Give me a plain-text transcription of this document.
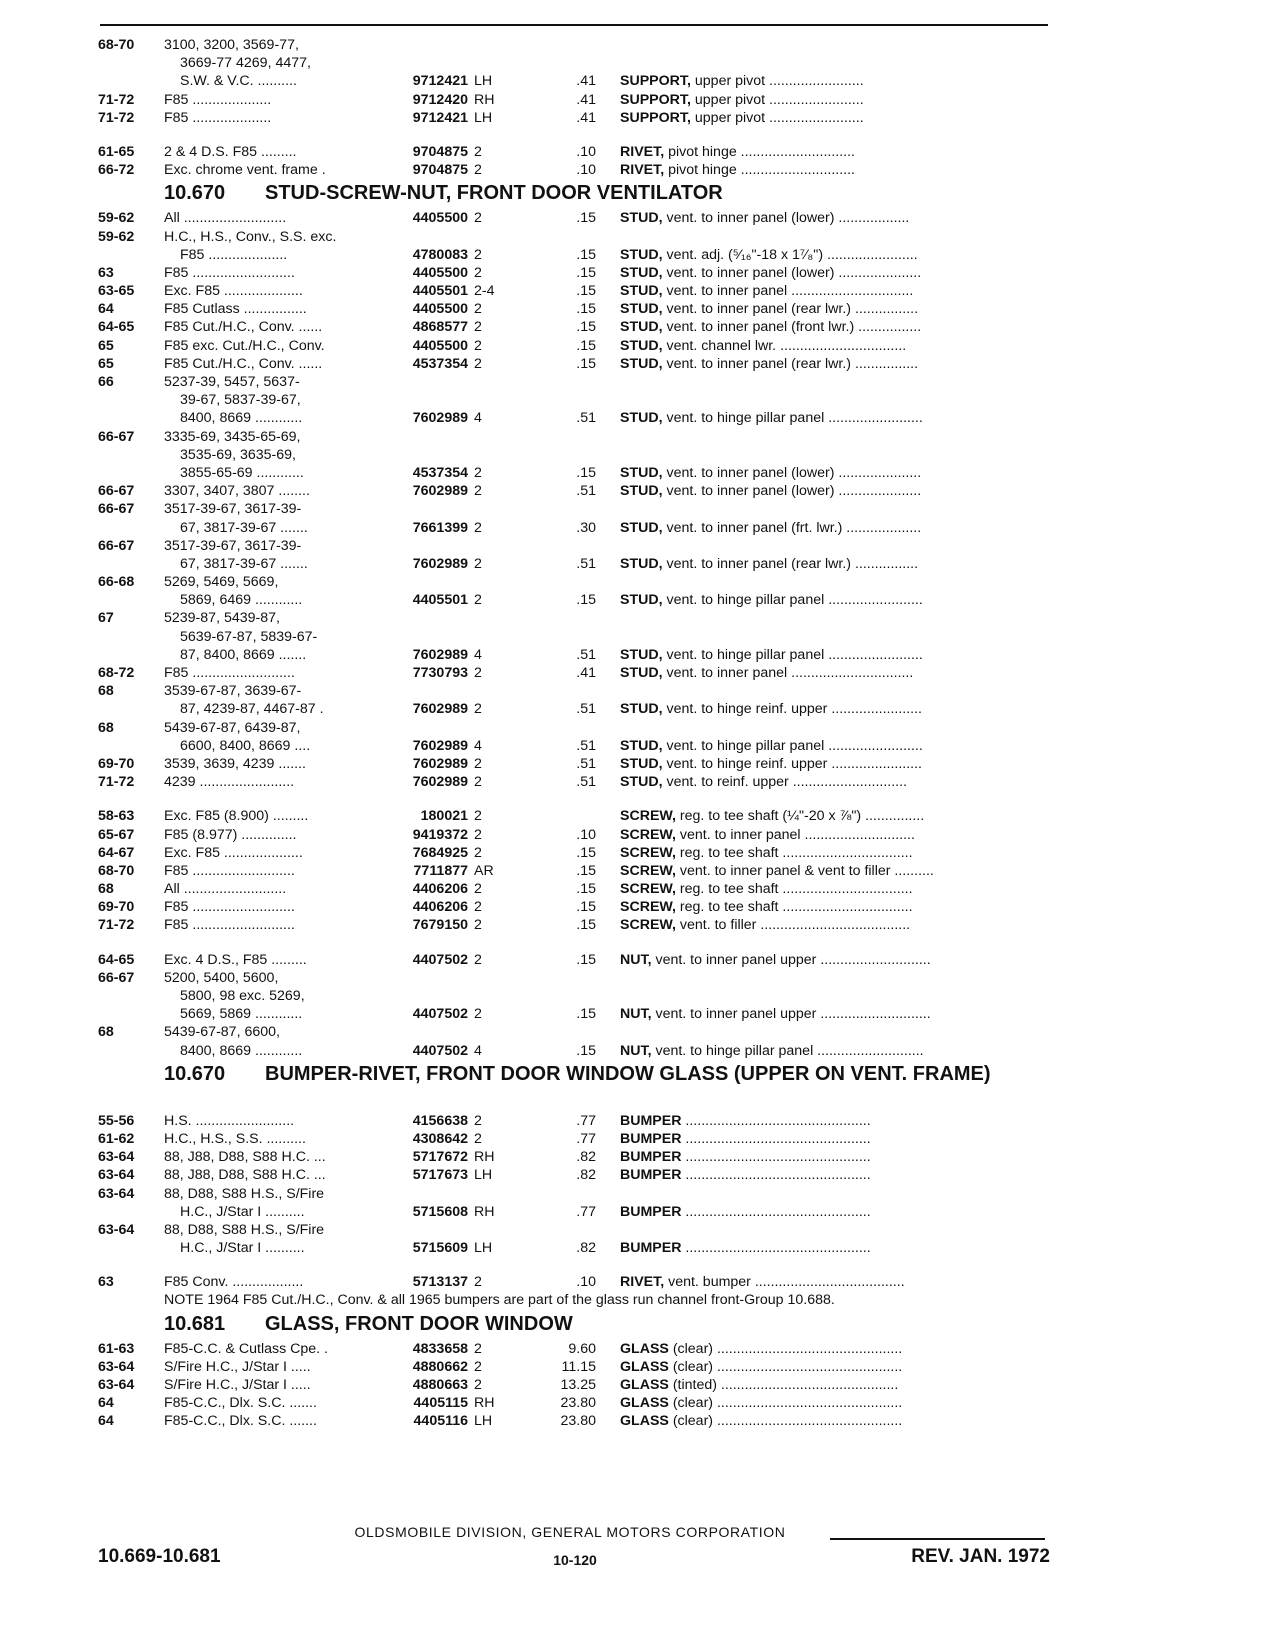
68-70	3100, 3200, 3569-77,
3669-77 4269, 4477,
S.W. & V.C. ..........	9712421 LH	.41 SUPPORT, upper pivot ........................
71-72	F85 ....................	9712420 RH	.41 SUPPORT, upper pivot ........................
71-72	F85 ....................	9712421 LH	.41 SUPPORT, upper pivot ........................
61-65	2 & 4 D.S. F85 .........	9704875 2	.10 RIVET, pivot hinge .............................
66-72	Exc. chrome vent. frame .	9704875 2	.10 RIVET, pivot hinge .............................
10.670 STUD-SCREW-NUT, FRONT DOOR VENTILATOR
59-62	All ..........................	4405500 2	.15 STUD, vent. to inner panel (lower) ..................
59-62	H.C., H.S., Conv., S.S. exc.
F85 ....................	4780083 2	.15 STUD, vent. adj. (⁵⁄₁₆"-18 x 1⁷⁄₈") .......................
63	F85 ..........................	4405500 2	.15 STUD, vent. to inner panel (lower) .....................
63-65	Exc. F85 ....................	4405501 2-4	.15 STUD, vent. to inner panel ...............................
64	F85 Cutlass ................	4405500 2	.15 STUD, vent. to inner panel (rear lwr.) ................
64-65	F85 Cut./H.C., Conv. ......	4868577 2	.15 STUD, vent. to inner panel (front lwr.) ................
65	F85 exc. Cut./H.C., Conv.	4405500 2	.15 STUD, vent. channel lwr. ................................
65	F85 Cut./H.C., Conv. ......	4537354 2	.15 STUD, vent. to inner panel (rear lwr.) ................
66	5237-39, 5457, 5637-
39-67, 5837-39-67,
8400, 8669 ............	7602989 4	.51 STUD, vent. to hinge pillar panel ........................
66-67	3335-69, 3435-65-69,
3535-69, 3635-69,
3855-65-69 ............	4537354 2	.15 STUD, vent. to inner panel (lower) .....................
66-67	3307, 3407, 3807 ........	7602989 2	.51 STUD, vent. to inner panel (lower) .....................
66-67	3517-39-67, 3617-39-
67, 3817-39-67 .......	7661399 2	.30 STUD, vent. to inner panel (frt. lwr.) ...................
66-67	3517-39-67, 3617-39-
67, 3817-39-67 .......	7602989 2	.51 STUD, vent. to inner panel (rear lwr.) ................
66-68	5269, 5469, 5669,
5869, 6469 ............	4405501 2	.15 STUD, vent. to hinge pillar panel ........................
67	5239-87, 5439-87,
5639-67-87, 5839-67-
87, 8400, 8669 .......	7602989 4	.51 STUD, vent. to hinge pillar panel ........................
68-72	F85 ..........................	7730793 2	.41 STUD, vent. to inner panel ...............................
68	3539-67-87, 3639-67-
87, 4239-87, 4467-87 .	7602989 2	.51 STUD, vent. to hinge reinf. upper .......................
68	5439-67-87, 6439-87,
6600, 8400, 8669 ....	7602989 4	.51 STUD, vent. to hinge pillar panel ........................
69-70	3539, 3639, 4239 .......	7602989 2	.51 STUD, vent. to hinge reinf. upper .......................
71-72	4239 ........................	7602989 2	.51 STUD, vent. to reinf. upper .............................
58-63	Exc. F85 (8.900) .........	180021 2	SCREW, reg. to tee shaft (¼"-20 x ⅞") ...............
65-67	F85 (8.977) ..............	9419372 2	.10 SCREW, vent. to inner panel ............................
64-67	Exc. F85 ....................	7684925 2	.15 SCREW, reg. to tee shaft .................................
68-70	F85 ..........................	7711877 AR	.15 SCREW, vent. to inner panel & vent to filler ..........
68	All ..........................	4406206 2	.15 SCREW, reg. to tee shaft .................................
69-70	F85 ..........................	4406206 2	.15 SCREW, reg. to tee shaft .................................
71-72	F85 ..........................	7679150 2	.15 SCREW, vent. to filler ......................................
64-65	Exc. 4 D.S., F85 .........	4407502 2	.15 NUT, vent. to inner panel upper ............................
66-67	5200, 5400, 5600,
5800, 98 exc. 5269,
5669, 5869 ............	4407502 2	.15 NUT, vent. to inner panel upper ............................
68	5439-67-87, 6600,
8400, 8669 ............	4407502 4	.15 NUT, vent. to hinge pillar panel ...........................
10.670 BUMPER-RIVET, FRONT DOOR WINDOW GLASS (UPPER ON VENT. FRAME)
55-56	H.S. .........................	4156638 2	.77 BUMPER ...............................................
61-62	H.C., H.S., S.S. ..........	4308642 2	.77 BUMPER ...............................................
63-64	88, J88, D88, S88 H.C. ...	5717672 RH	.82 BUMPER ...............................................
63-64	88, J88, D88, S88 H.C. ...	5717673 LH	.82 BUMPER ...............................................
63-64	88, D88, S88 H.S., S/Fire
H.C., J/Star I ..........	5715608 RH	.77 BUMPER ...............................................
63-64	88, D88, S88 H.S., S/Fire
H.C., J/Star I ..........	5715609 LH	.82 BUMPER ...............................................
63	F85 Conv. ..................	5713137 2	.10 RIVET, vent. bumper ......................................
NOTE 1964 F85 Cut./H.C., Conv. & all 1965 bumpers are part of the glass run channel front-Group 10.688.
10.681 GLASS, FRONT DOOR WINDOW
61-63	F85-C.C. & Cutlass Cpe. .	4833658 2	9.60 GLASS (clear) ...............................................
63-64	S/Fire H.C., J/Star I .....	4880662 2	11.15 GLASS (clear) ...............................................
63-64	S/Fire H.C., J/Star I .....	4880663 2	13.25 GLASS (tinted) .............................................
64	F85-C.C., Dlx. S.C. .......	4405115 RH	23.80 GLASS (clear) ...............................................
64	F85-C.C., Dlx. S.C. .......	4405116 LH	23.80 GLASS (clear) ...............................................
OLDSMOBILE DIVISION, GENERAL MOTORS CORPORATION
10.669-10.681	10-120	REV. JAN. 1972
